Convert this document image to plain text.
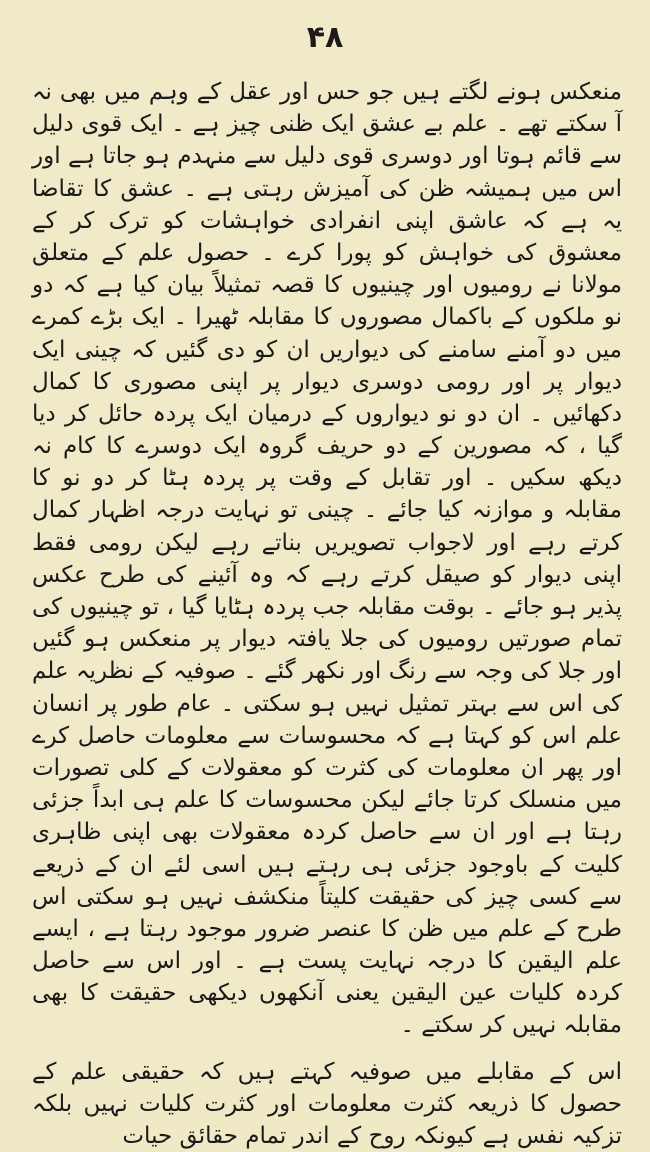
۴۸

منعکس ہونے لگتے ہیں جو حس اور عقل کے وہم میں بھی نہ آ سکتے تھے ۔ علم بے عشق ایک ظنی چیز ہے ۔ ایک قوی دلیل سے قائم ہوتا اور دوسری قوی دلیل سے منہدم ہو جاتا ہے اور اس میں ہمیشہ ظن کی آمیزش رہتی ہے ۔ عشق کا تقاضا یہ ہے کہ عاشق اپنی انفرادی خواہشات کو ترک کر کے معشوق کی خواہش کو پورا کرے ۔ حصول علم کے متعلق مولانا نے رومیوں اور چینیوں کا قصہ تمثیلاً بیان کیا ہے کہ دو نو ملکوں کے باکمال مصوروں کا مقابلہ ٹھیرا ۔ ایک بڑے کمرے میں دو آمنے سامنے کی دیواریں ان کو دی گئیں کہ چینی ایک دیوار پر اور رومی دوسری دیوار پر اپنی مصوری کا کمال دکھائیں ۔ ان دو نو دیواروں کے درمیان ایک پردہ حائل کر دیا گیا ، کہ مصورین کے دو حریف گروہ ایک دوسرے کا کام نہ دیکھ سکیں ۔ اور تقابل کے وقت پر پردہ ہٹا کر دو نو کا مقابلہ و موازنہ کیا جائے ۔ چینی تو نہایت درجہ اظہار کمال کرتے رہے اور لاجواب تصویریں بناتے رہے لیکن رومی فقط اپنی دیوار کو صیقل کرتے رہے کہ وہ آئینے کی طرح عکس پذیر ہو جائے ۔ بوقت مقابلہ جب پردہ ہٹایا گیا ، تو چینیوں کی تمام صورتیں رومیوں کی جلا یافتہ دیوار پر منعکس ہو گئیں اور جلا کی وجہ سے رنگ اور نکھر گئے ۔ صوفیہ کے نظریہ علم کی اس سے بہتر تمثیل نہیں ہو سکتی ۔ عام طور پر انسان علم اس کو کہتا ہے کہ محسوسات سے معلومات حاصل کرے اور پھر ان معلومات کی کثرت کو معقولات کے کلی تصورات میں منسلک کرتا جائے لیکن محسوسات کا علم ہی ابداً جزئی رہتا ہے اور ان سے حاصل کردہ معقولات بھی اپنی ظاہری کلیت کے باوجود جزئی ہی رہتے ہیں اسی لئے ان کے ذریعے سے کسی چیز کی حقیقت کلیتاً منکشف نہیں ہو سکتی اس طرح کے علم میں ظن کا عنصر ضرور موجود رہتا ہے ، ایسے علم الیقین کا درجہ نہایت پست ہے ۔ اور اس سے حاصل کردہ کلیات عین الیقین یعنی آنکھوں دیکھی حقیقت کا بھی مقابلہ نہیں کر سکتے ۔

اس کے مقابلے میں صوفیہ کہتے ہیں کہ حقیقی علم کے حصول کا ذریعہ کثرت معلومات اور کثرت کلیات نہیں بلکہ تزکیہ نفس ہے کیونکہ روح کے اندر تمام حقائق حیات
